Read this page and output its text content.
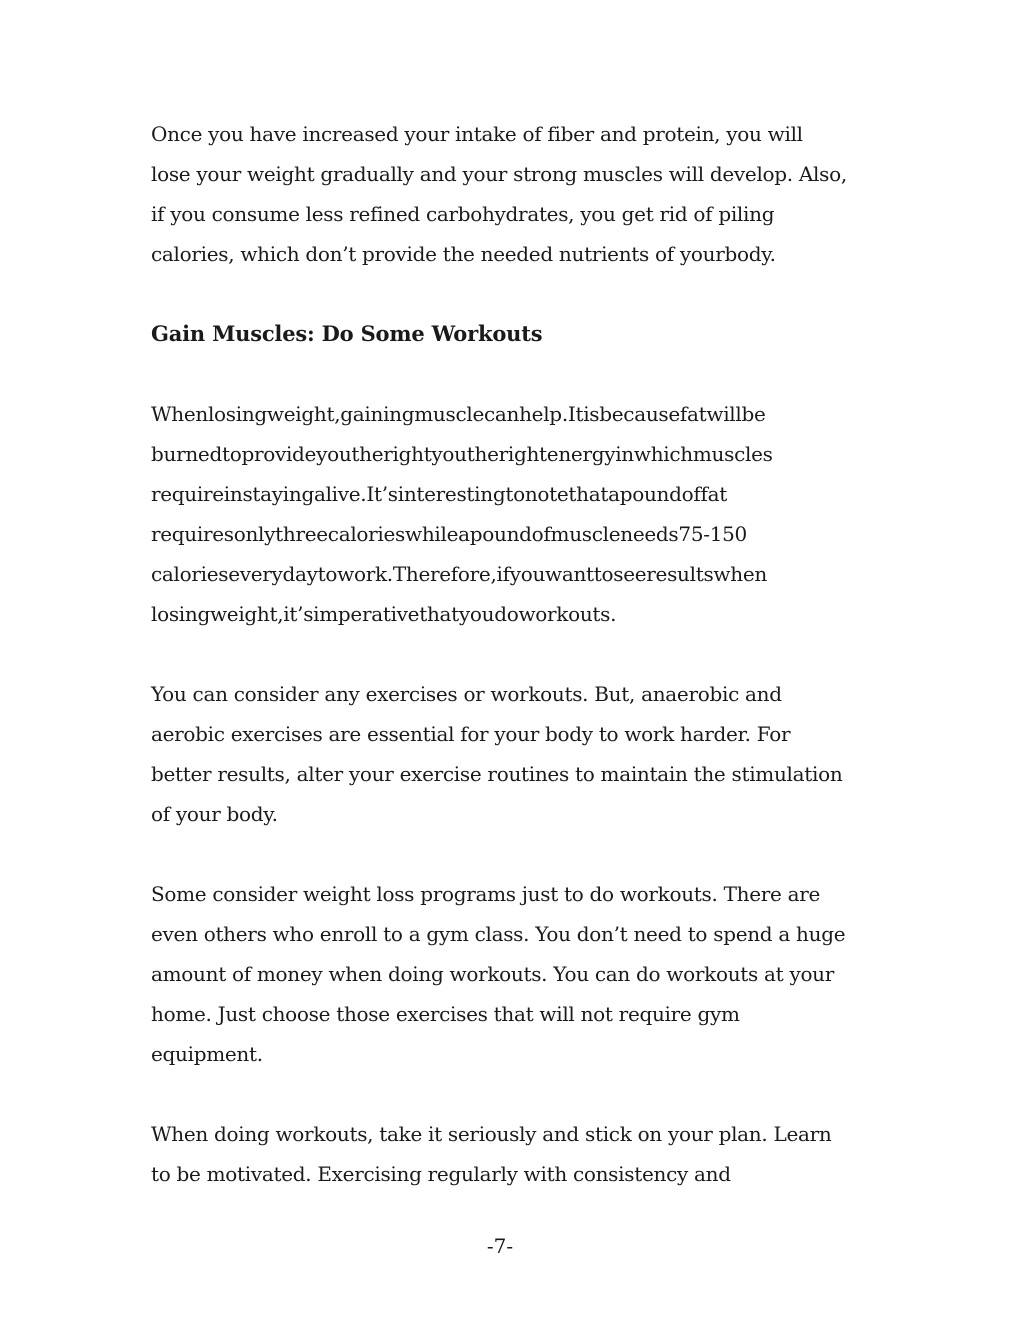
Once you have increased your intake of fiber and protein, you will
lose your weight gradually and your strong muscles will develop. Also,
if you consume less refined carbohydrates, you get rid of piling
calories, which don’t provide the needed nutrients of yourbody.

Gain Muscles: Do Some Workouts

Whenlosingweight,gainingmusclecanhelp.Itisbecausefatwillbe
burnedtoprovideyoutherightyoutherightenergyinwhichmuscles
requireinstayingalive.It’sinterestingtonotethatapoundoffat
requiresonlythreecalorieswhileapoundofmuscleneeds75-150
calorieseverydaytowork.Therefore,ifyouwanttoseeresultswhen
losingweight,it’simperativethatyoudoworkouts.

You can consider any exercises or workouts. But, anaerobic and
aerobic exercises are essential for your body to work harder. For
better results, alter your exercise routines to maintain the stimulation
of your body.

Some consider weight loss programs just to do workouts. There are
even others who enroll to a gym class. You don’t need to spend a huge
amount of money when doing workouts. You can do workouts at your
home. Just choose those exercises that will not require gym
equipment.

When doing workouts, take it seriously and stick on your plan. Learn
to be motivated. Exercising regularly with consistency and

-7-
